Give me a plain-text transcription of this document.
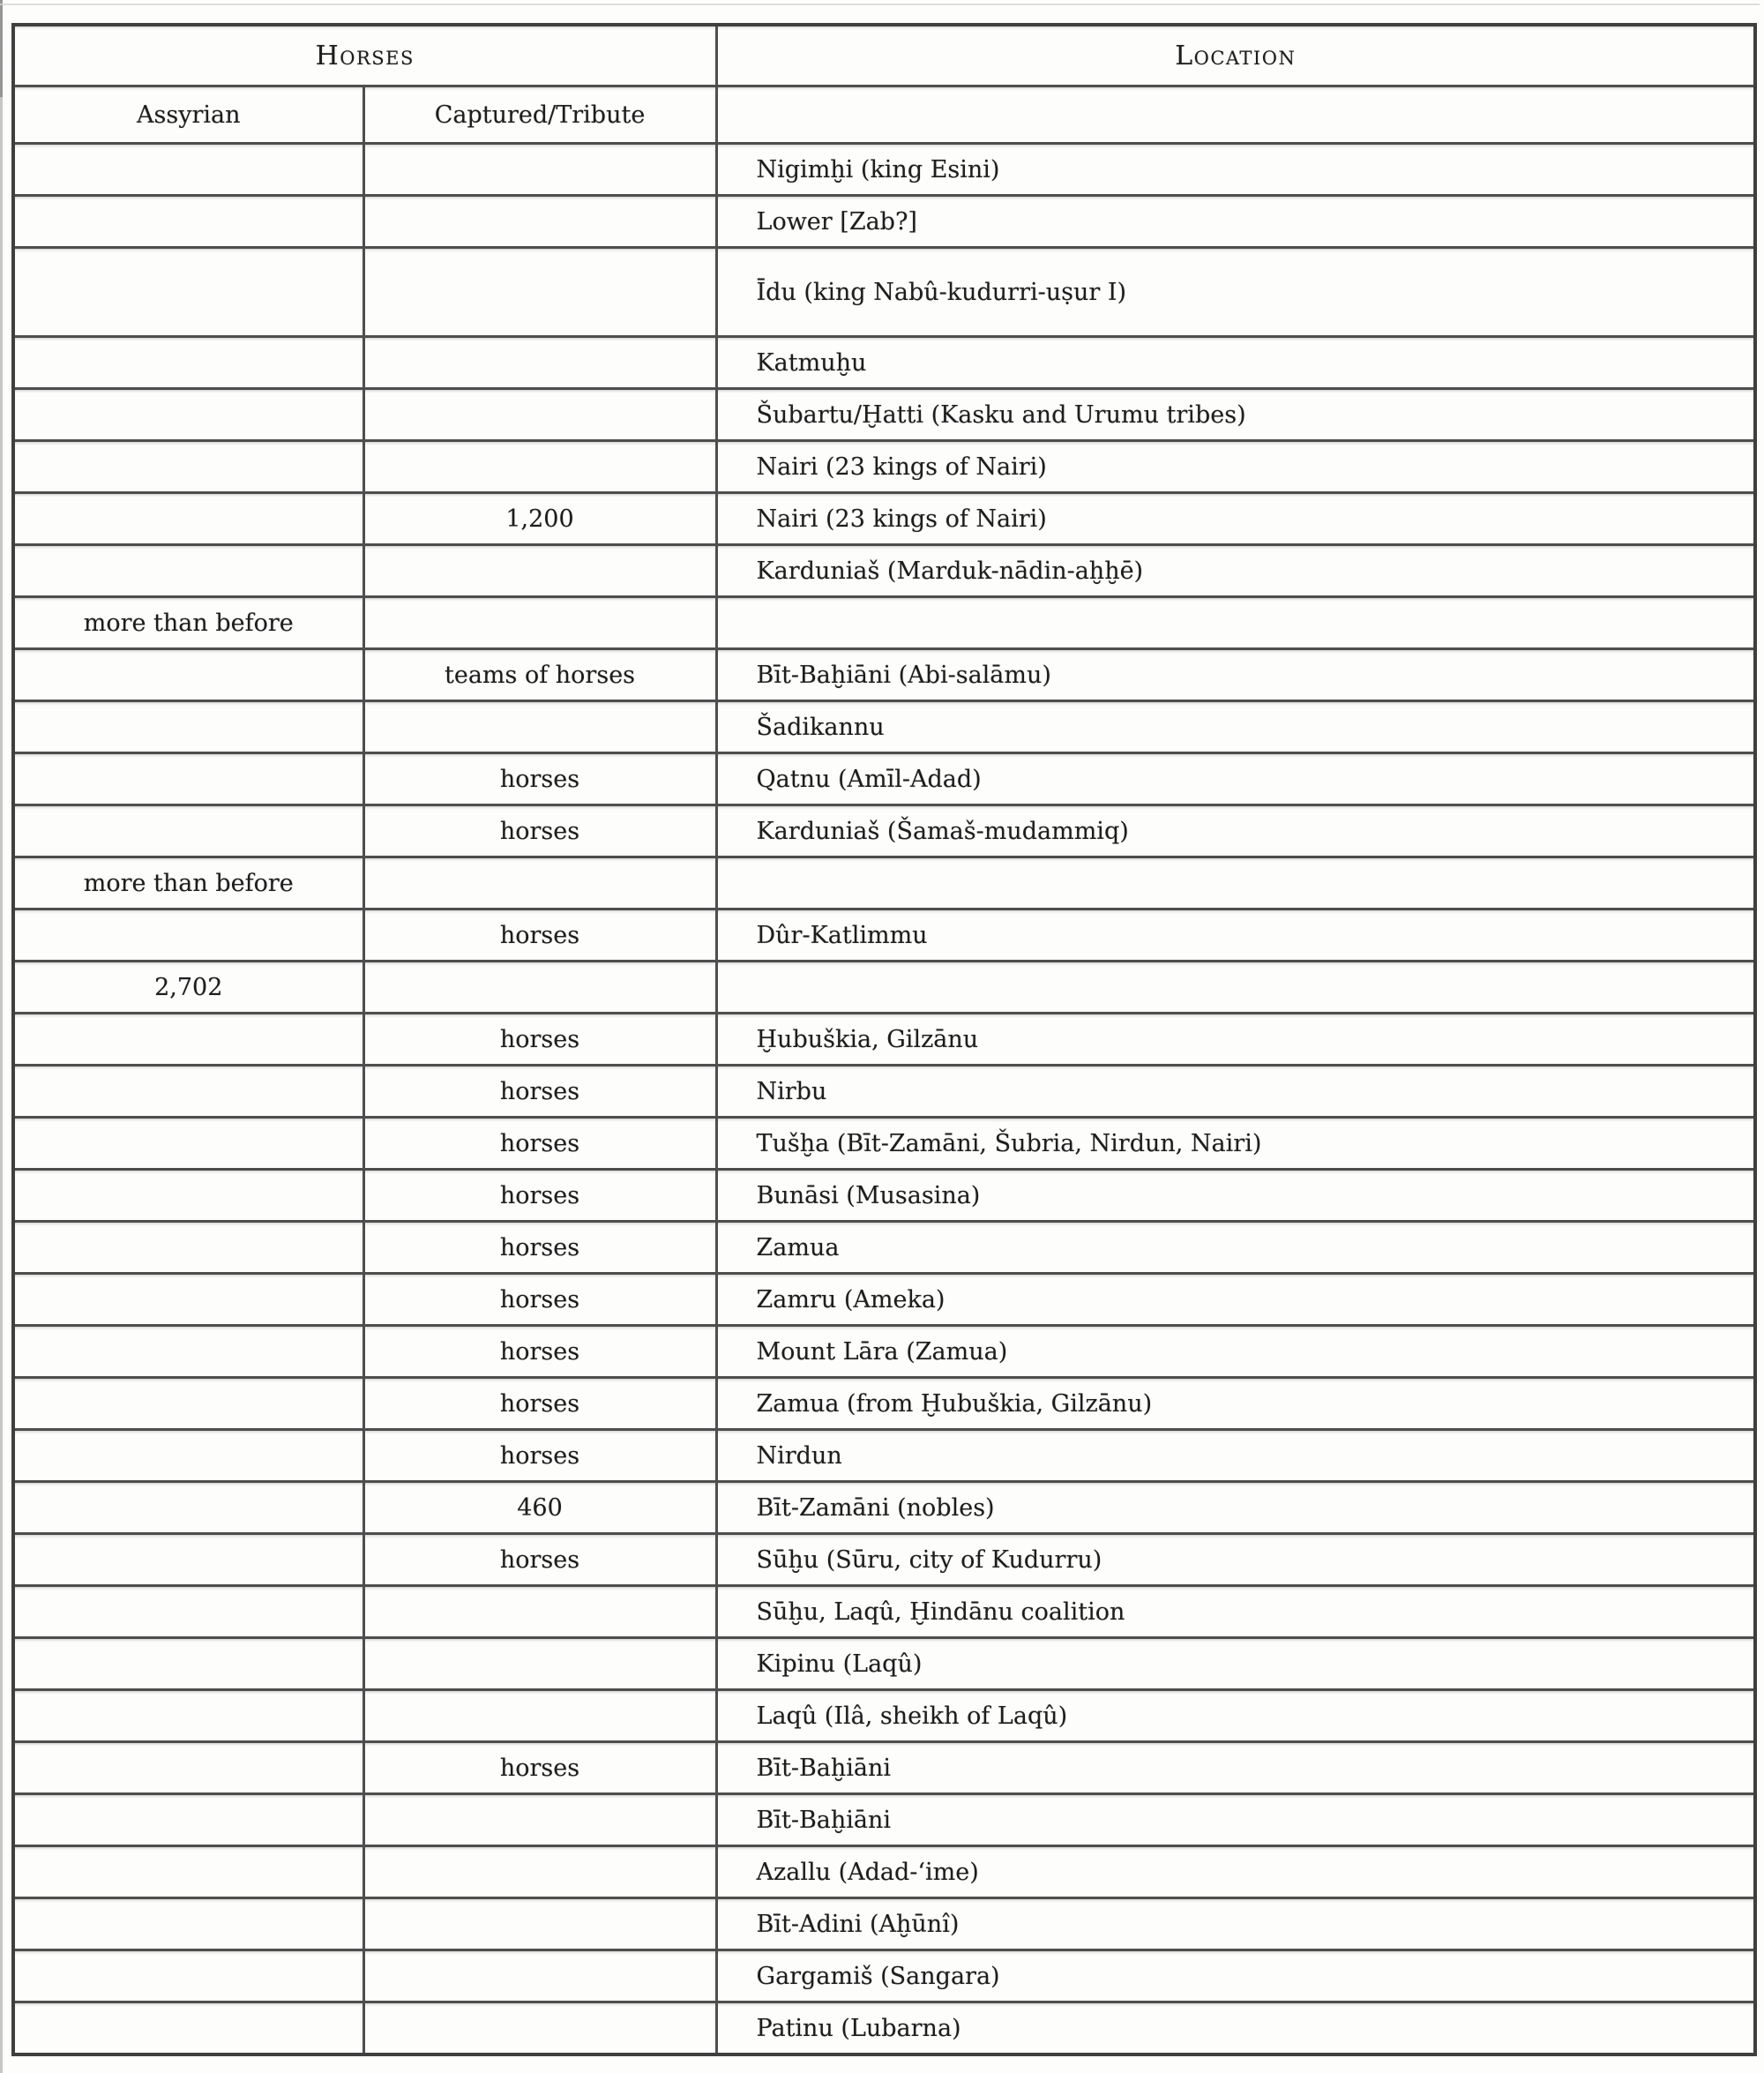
Horses		Location
Assyrian	Captured/Tribute	
		Nigimḫi (king Esini)
		Lower [Zab?]
		Īdu (king Nabû-kudurri-uṣur I)
		Katmuḫu
		Šubartu/Ḫatti (Kasku and Urumu tribes)
		Nairi (23 kings of Nairi)
	1,200	Nairi (23 kings of Nairi)
		Karduniaš (Marduk-nādin-aḫḫē)
more than before		
	teams of horses	Bīt-Baḫiāni (Abi-salāmu)
		Šadikannu
	horses	Qatnu (Amīl-Adad)
	horses	Karduniaš (Šamaš-mudammiq)
more than before		
	horses	Dûr-Katlimmu
2,702		
	horses	Ḫubuškia, Gilzānu
	horses	Nirbu
	horses	Tušḫa (Bīt-Zamāni, Šubria, Nirdun, Nairi)
	horses	Bunāsi (Musasina)
	horses	Zamua
	horses	Zamru (Ameka)
	horses	Mount Lāra (Zamua)
	horses	Zamua (from Ḫubuškia, Gilzānu)
	horses	Nirdun
	460	Bīt-Zamāni (nobles)
	horses	Sūḫu (Sūru, city of Kudurru)
		Sūḫu, Laqû, Ḫindānu coalition
		Kipinu (Laqû)
		Laqû (Ilâ, sheikh of Laqû)
	horses	Bīt-Baḫiāni
		Bīt-Baḫiāni
		Azallu (Adad-‘ime)
		Bīt-Adini (Aḫūnî)
		Gargamiš (Sangara)
		Patinu (Lubarna)
